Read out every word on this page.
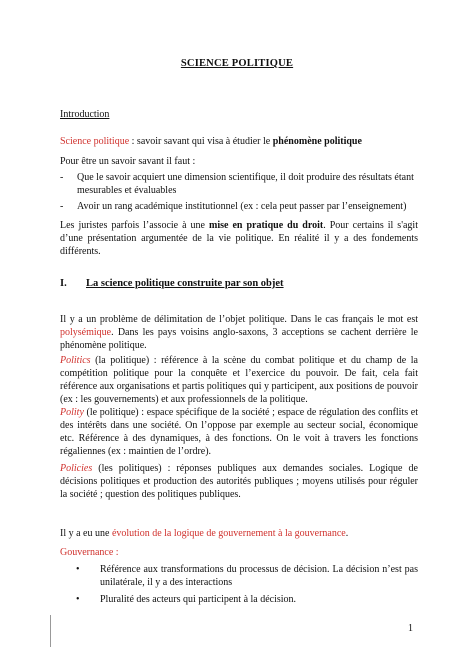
SCIENCE POLITIQUE
Introduction
Science politique : savoir savant qui visa à étudier le phénomène politique
Pour être un savoir savant il faut :
- Que le savoir acquiert une dimension scientifique, il doit produire des résultats étant mesurables et évaluables
- Avoir un rang académique institutionnel (ex : cela peut passer par l’enseignement)
Les juristes parfois l’associe à une mise en pratique du droit. Pour certains il s'agit d’une présentation argumentée de la vie politique. En réalité il y a des fondements différents.
I. La science politique construite par son objet
Il y a un problème de délimitation de l’objet politique. Dans le cas français le mot est polysémique. Dans les pays voisins anglo-saxons, 3 acceptions se cachent derrière le phénomène politique.
Politics (la politique) : référence à la scène du combat politique et du champ de la compétition politique pour la conquête et l’exercice du pouvoir. De fait, cela fait référence aux organisations et partis politiques qui y participent, aux positions de pouvoir (ex : les gouvernements) et aux professionnels de la politique.
Polity (le politique) : espace spécifique de la société ; espace de régulation des conflits et des intérêts dans une société. On l’oppose par exemple au secteur social, économique etc. Référence à des dynamiques, à des fonctions. On le voit à travers les fonctions régaliennes (ex : maintien de l’ordre).
Policies (les politiques) : réponses publiques aux demandes sociales. Logique de décisions politiques et production des autorités publiques ; moyens utilisés pour réguler la société ; question des politiques publiques.
Il y a eu une évolution de la logique de gouvernement à la gouvernance.
Gouvernance :
• Référence aux transformations du processus de décision. La décision n’est pas unilatérale, il y a des interactions
• Pluralité des acteurs qui participent à la décision.
1
